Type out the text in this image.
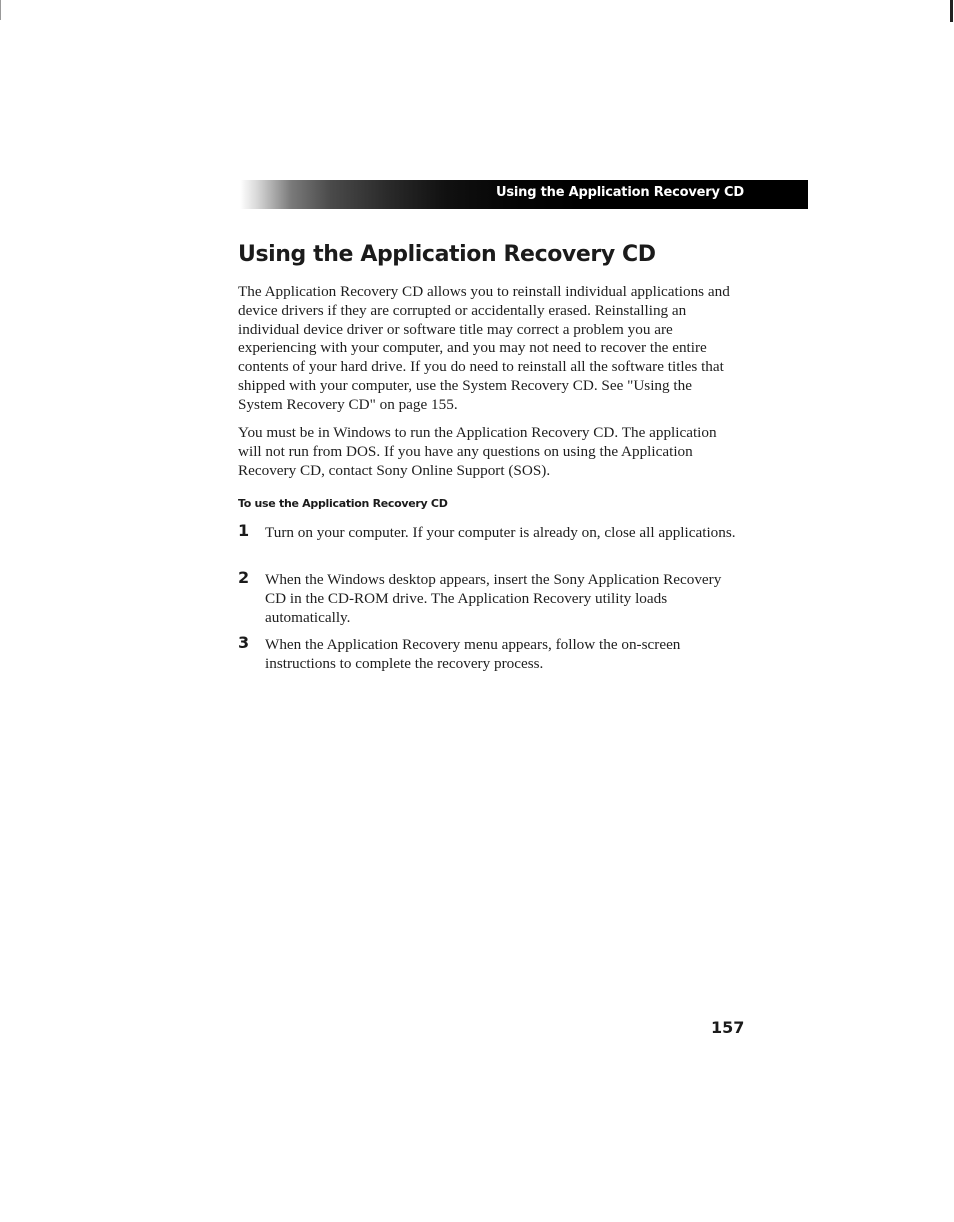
Using the Application Recovery CD
Using the Application Recovery CD

The Application Recovery CD allows you to reinstall individual applications and device drivers if they are corrupted or accidentally erased. Reinstalling an individual device driver or software title may correct a problem you are experiencing with your computer, and you may not need to recover the entire contents of your hard drive. If you do need to reinstall all the software titles that shipped with your computer, use the System Recovery CD. See "Using the System Recovery CD" on page 155.

You must be in Windows to run the Application Recovery CD. The application will not run from DOS. If you have any questions on using the Application Recovery CD, contact Sony Online Support (SOS).

To use the Application Recovery CD
1 Turn on your computer. If your computer is already on, close all applications.

2 When the Windows desktop appears, insert the Sony Application Recovery CD in the CD-ROM drive. The Application Recovery utility loads automatically.

3 When the Application Recovery menu appears, follow the on-screen instructions to complete the recovery process.

157
